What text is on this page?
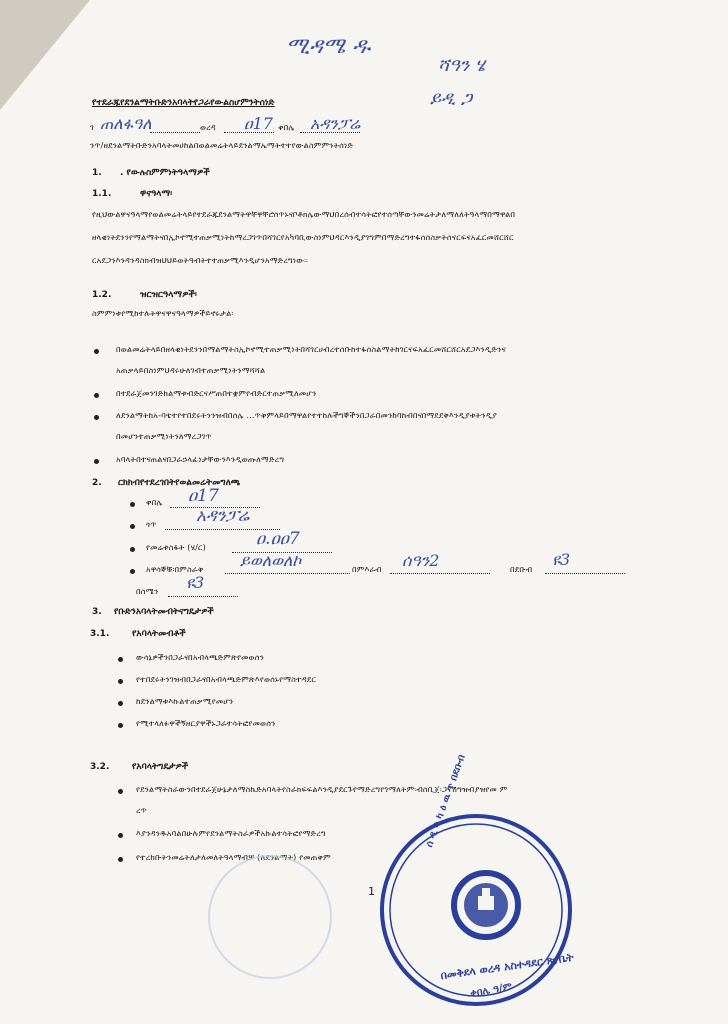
ሚዳሜ ዱ
ሻዓን ሄ
ይዲ ጋ
የተደራጁየደንልማትቡድንአባላትየጋራየውልስሆምንትሰነድ
ገ ጠለፋዓለ	ወረዳ ዐ17 ቀበሌ አዳንፓሬ
ንጥ/ዘደንልማትቡድንአባላትመሀከልበወልመሬትላይደንልማኤማትተተየውልስምምንትሰነድ
1. . የውሉስምምነትዓላማዎች
1.1.	ዋናዓላማ፡
የዚህውልዋናዓላማየወልመሬትላይየተደራጁደንልማትዋቸዋቸሮሰጥኑናቦቶክሌውማህበረሰብተሳትፎየተሰጣቸውንመሬትታለማለለትዓላማበማዋልበ
ዘላቂነትደንንየማልማትናበኢኮኖሚተጠቃሚነትከማረጋገጥበሻገርየአካባቢውስነምህዳርእንዲያገግምበማድረግተፋሰሰስቃትሰናርፍናአፈርመሸርሸር
ርአደጋንእንዳንዳስክብዝህህይወትዓብትተተጠቃሚእንዲሆንአማድረግነው።
1.2.	ዝርዝርዓላማዎች፡
ስምምነቱየሚከተሉትዋናዋናዓላማዎችይኖሩታል፡
በወልመሬትላይበዘላቂነትደንንበማልማትስኢኮኖሚተጠቃሚነትበሻገርሀብረተሰቡከተፋሰስልማትከገርናፍአፈርመሸርሸርአደጋእንዲድንና
አጠቃላይበስነምህዳሩሁለገብተጠቃሚነትንማሻሻል
በተደራጀመንገድከልማቱብድርናሥጠበተቋምየብድርተጠቃሚለመሆን
ለደንልማትከአ-ባቴተየተበደሩትንንዝብበሰሌ ...ጥቅምላይበማዋልየተተከሉችግኞችንበጋራበመንከባከብበናበማደደቅእንዲያቱትንዲያ
በመሆንተጠቃሚነትንለማረጋገጥ
አባላትበተናጠልናበጋራኃላፊነታቸውንእንዲወጡለማድረግ
2. ርክክብየተደረገበትየወልመሬትመግለጫ
ቀበሌ ዐ17
ጎጥ አዳንፓሬ
የመሬቱስፋት (ሄ/ር)	ዐ.ዐዐ7
አዋሳኞቹ፡በምስራቅ ይወለወለኮ	በምእራብ ሰዓን2	በደቡብ
ዩ3
በሰሜን ዩ3
3. የቡድንአባላትመብትናግዴታዎች
3.1.	የአባላትመብቶች
ውሳኔዎችንበጋራናበአብላጫድምጽየመወሰን
የተበደሩትንገዝብበጋራናበአብላጫድምጽእየወሰኑየማስተዳደር
ከደንልማቱእኩልተጠቃሚየመሆን
የሚተላለፉዋችኝዘርያዋችኑጋራተሳትፎየመወሰን
3.2.	የአባላትግዴታዎች
የደንልማትስራውንበተደራጀሁኔታለማስኬድአባላትየስራክፍፍልእንዲያደርጉየማድረግየገማለትም፡ብሰቢጀ፡ጋናሽግዝብያዝየመ ም
ረጥ
እያንዳንዱአባልበሁሉምየደንልማትስራዎችአኩልተሳትፎየማድረግ
የተረከቡትንመሬትለታለመለትዓላማብቻ (ለደንልማት) የመጠቀም
1
በመቅደላ ወረዳ አስተዳደር ጽ/ቤት
ሰ ዲ ሳ ካ ዕ ዉ ጥ በደቡብ
ቀበሌ ዓ/ም
